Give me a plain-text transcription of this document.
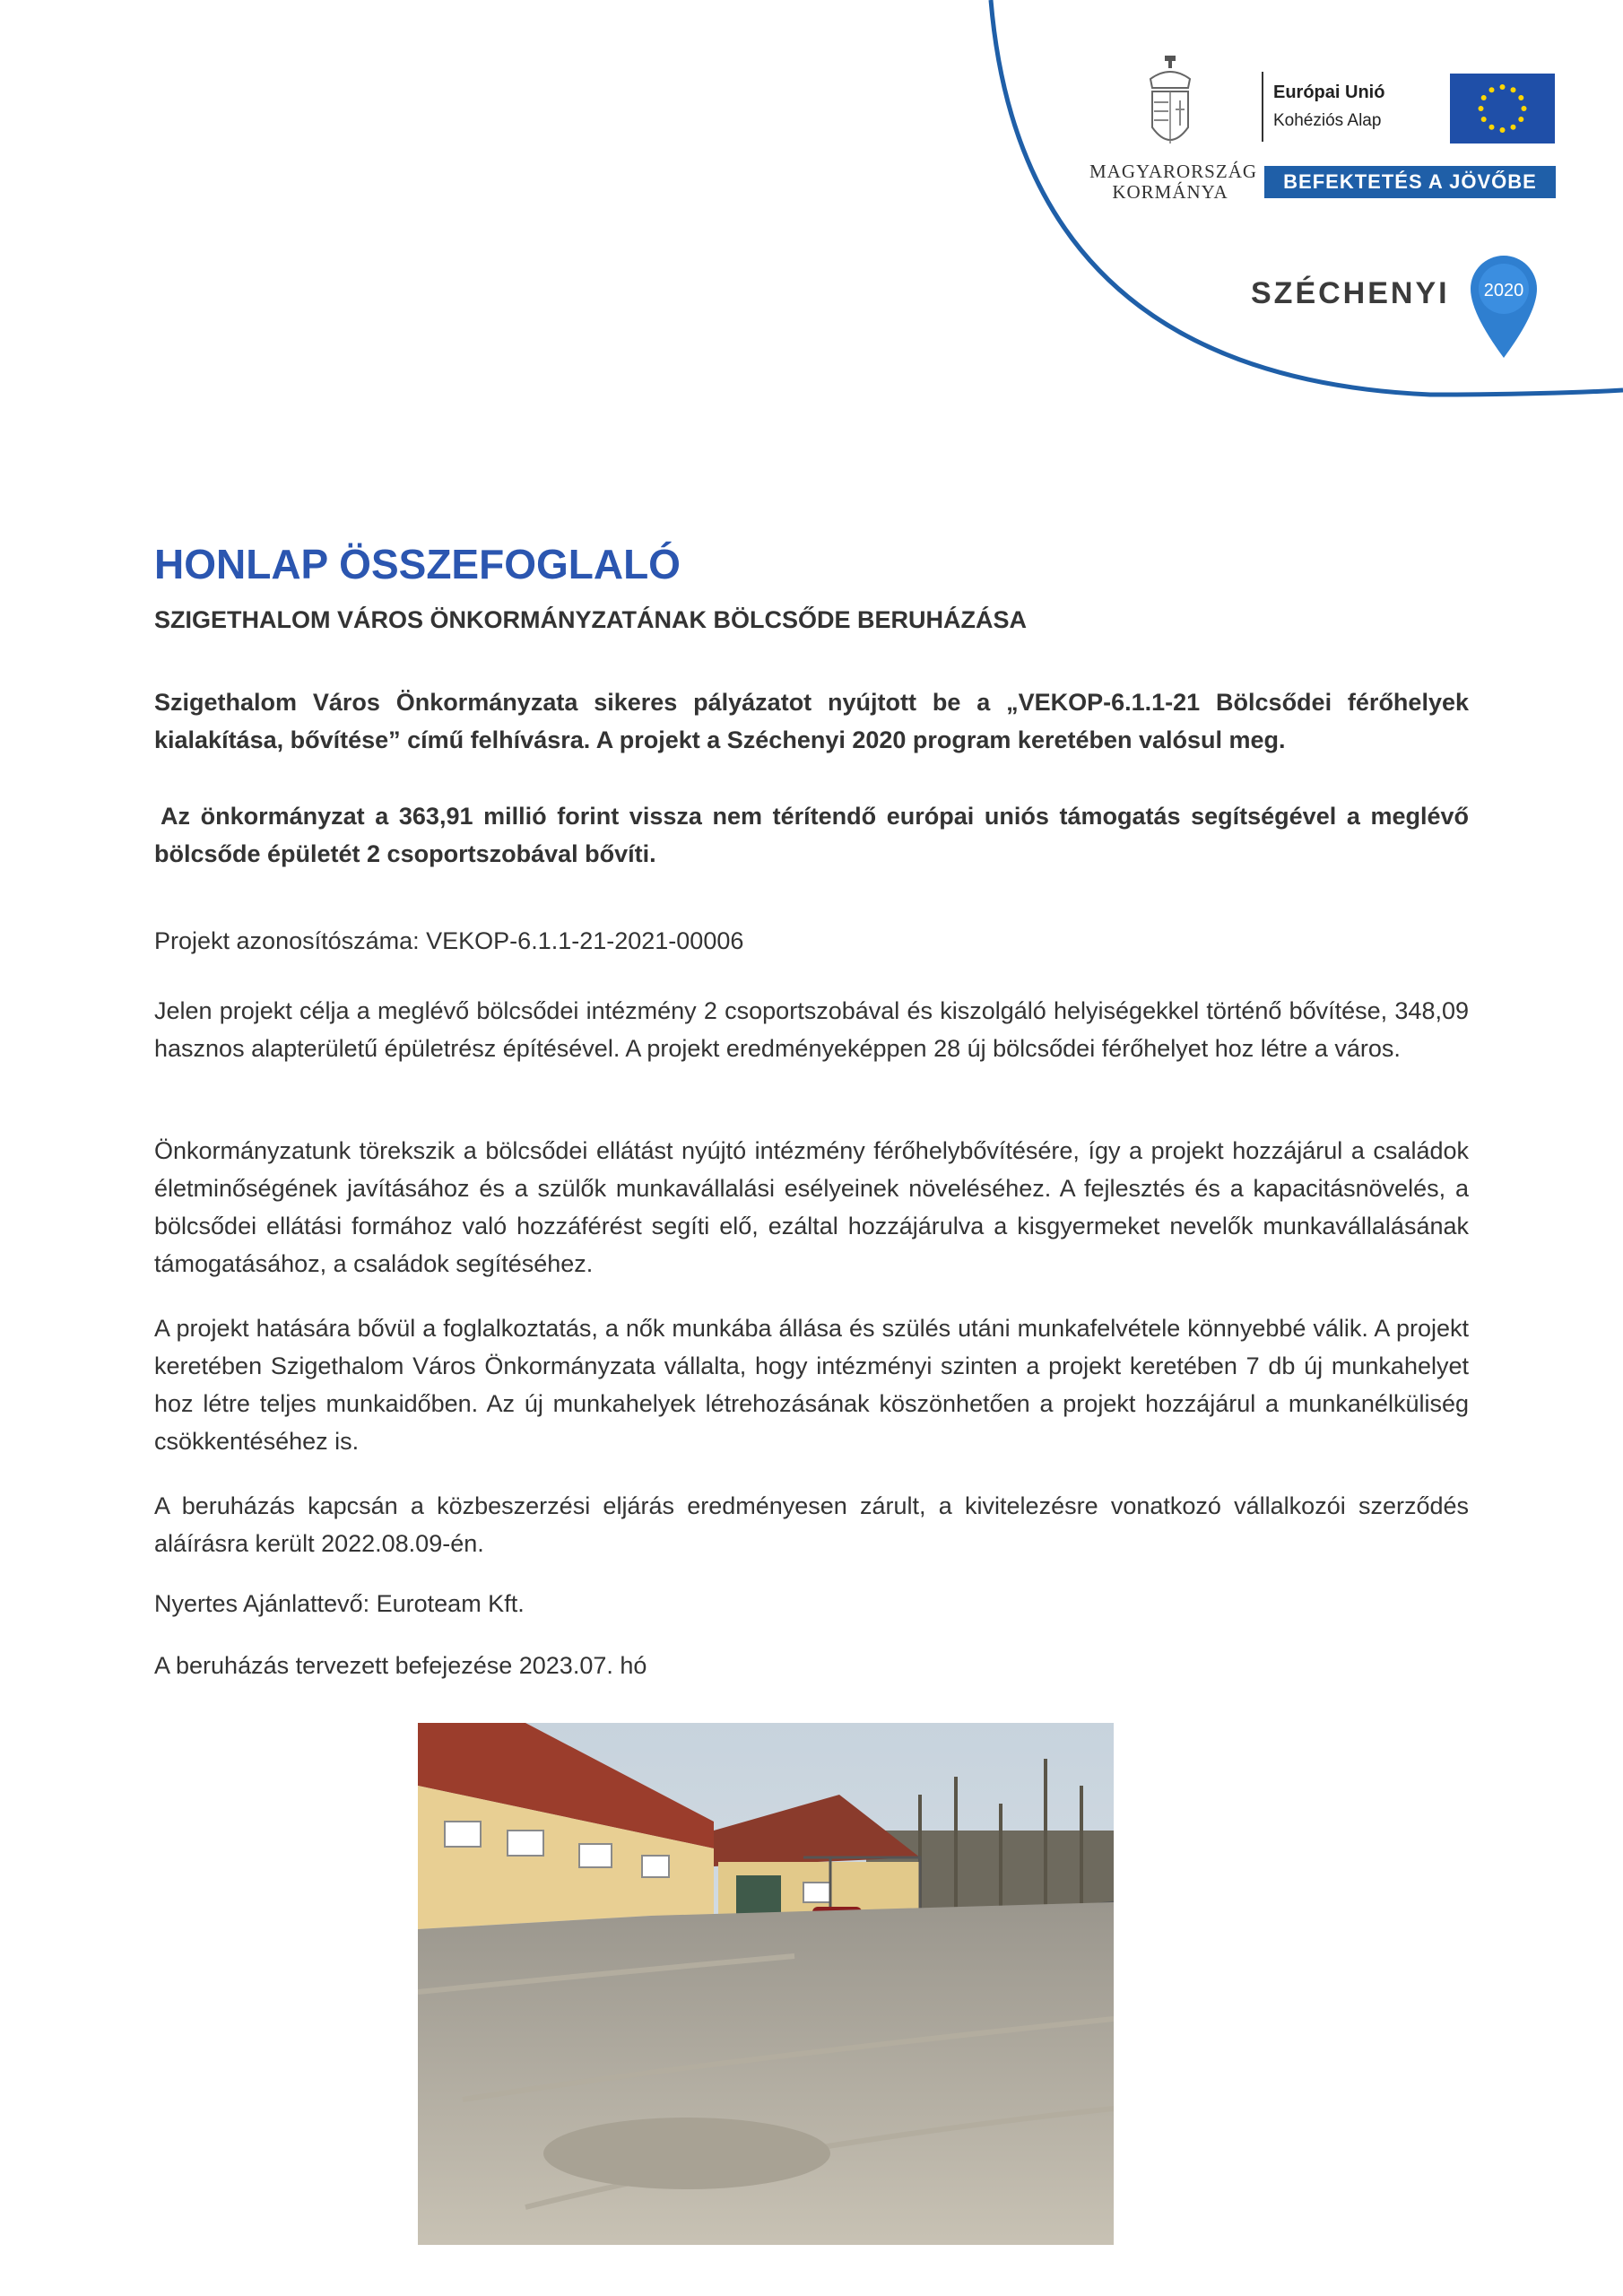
MAGYARORSZÁG
KORMÁNYA
Európai Unió
Kohéziós Alap
BEFEKTETÉS A JÖVŐBE
SZÉCHENYI 2020
HONLAP ÖSSZEFOGLALÓ
SZIGETHALOM VÁROS ÖNKORMÁNYZATÁNAK BÖLCSŐDE BERUHÁZÁSA

Szigethalom Város Önkormányzata sikeres pályázatot nyújtott be a „VEKOP-6.1.1-21 Bölcsődei férőhelyek kialakítása, bővítése” című felhívásra. A projekt a Széchenyi 2020 program keretében valósul meg.

Az önkormányzat a 363,91 millió forint vissza nem térítendő európai uniós támogatás segítségével a meglévő bölcsőde épületét 2 csoportszobával bővíti.

Projekt azonosítószáma: VEKOP-6.1.1-21-2021-00006

Jelen projekt célja a meglévő bölcsődei intézmény 2 csoportszobával és kiszolgáló helyiségekkel történő bővítése, 348,09 hasznos alapterületű épületrész építésével. A projekt eredményeképpen 28 új bölcsődei férőhelyet hoz létre a város.

Önkormányzatunk törekszik a bölcsődei ellátást nyújtó intézmény férőhelybővítésére, így a projekt hozzájárul a családok életminőségének javításához és a szülők munkavállalási esélyeinek növeléséhez. A fejlesztés és a kapacitásnövelés, a bölcsődei ellátási formához való hozzáférést segíti elő, ezáltal hozzájárulva a kisgyermeket nevelők munkavállalásának támogatásához, a családok segítéséhez.

A projekt hatására bővül a foglalkoztatás, a nők munkába állása és szülés utáni munkafelvétele könnyebbé válik. A projekt keretében Szigethalom Város Önkormányzata vállalta, hogy intézményi szinten a projekt keretében 7 db új munkahelyet hoz létre teljes munkaidőben. Az új munkahelyek létrehozásának köszönhetően a projekt hozzájárul a munkanélküliség csökkentéséhez is.

A beruházás kapcsán a közbeszerzési eljárás eredményesen zárult, a kivitelezésre vonatkozó vállalkozói szerződés aláírásra került 2022.08.09-én.

Nyertes Ajánlattevő: Euroteam Kft.

A beruházás tervezett befejezése 2023.07. hó
